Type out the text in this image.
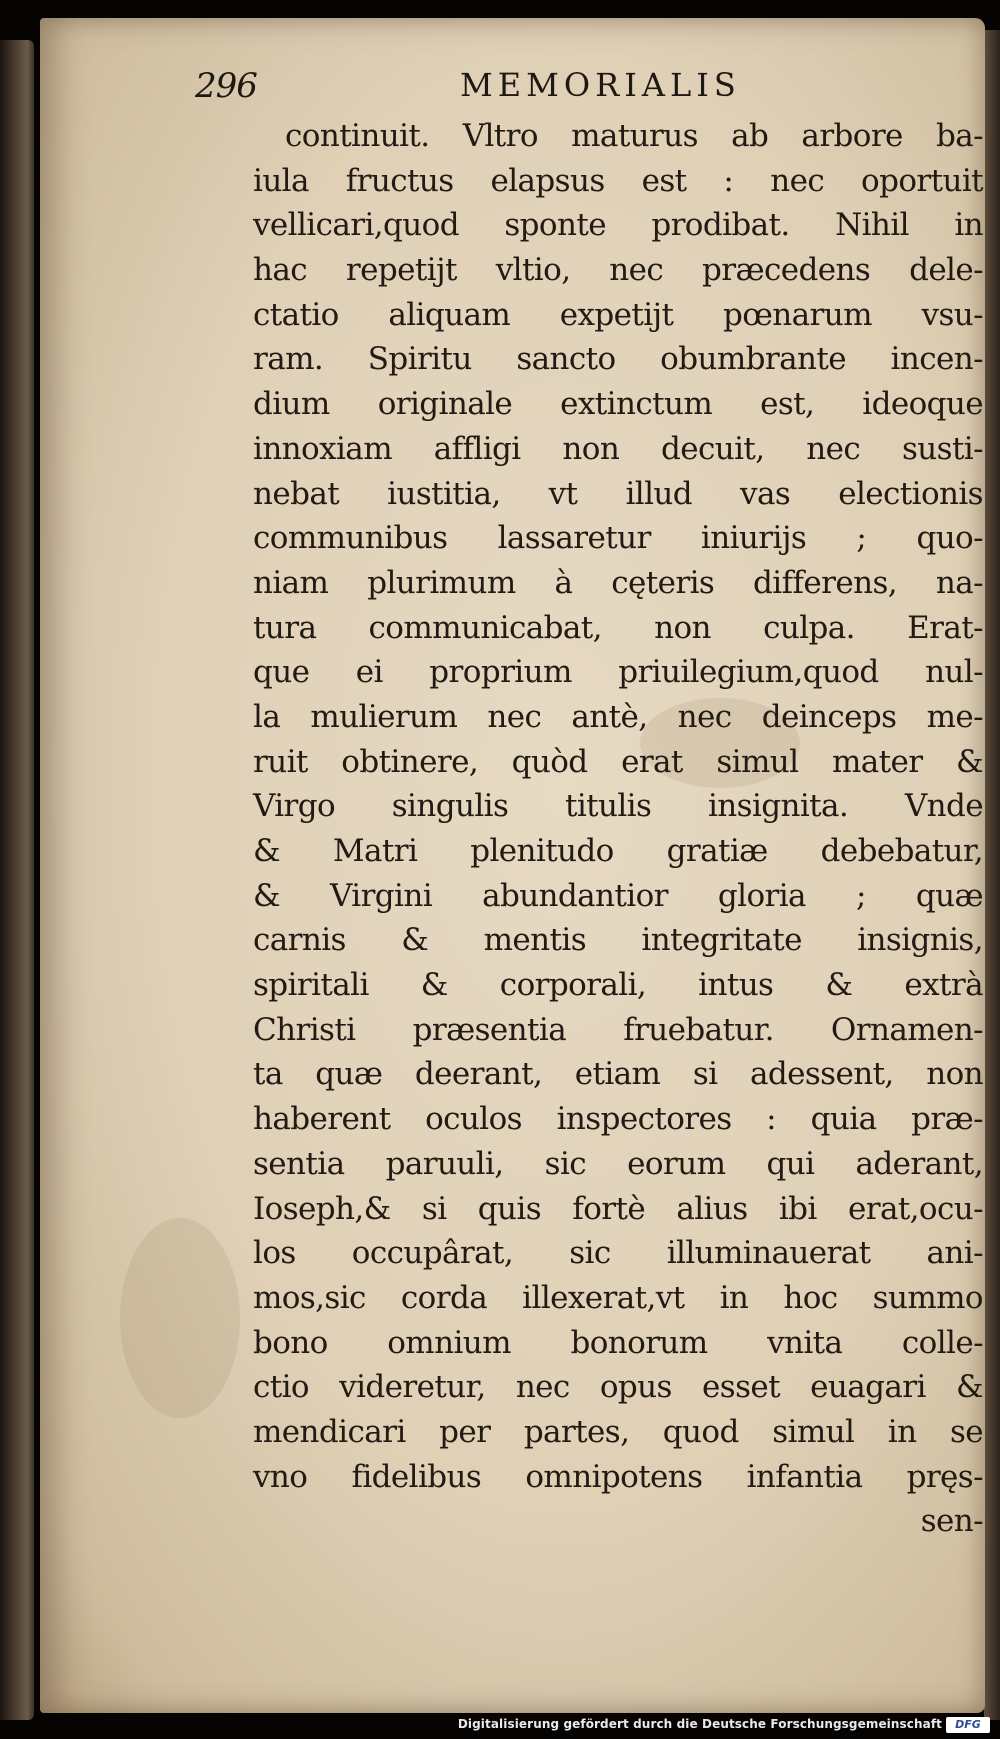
296	MEMORIALIS
continuit. Vltro maturus ab arbore ba-
iula fructus elapsus est : nec oportuit
vellicari,quod sponte prodibat. Nihil in
hac repetijt vltio, nec præcedens dele-
ctatio aliquam expetijt pœnarum vsu-
ram. Spiritu sancto obumbrante incen-
dium originale extinctum est, ideoque
innoxiam affligi non decuit, nec susti-
nebat iustitia, vt illud vas electionis
communibus lassaretur iniurijs ; quo-
niam plurimum à cęteris differens, na-
tura communicabat, non culpa. Erat-
que ei proprium priuilegium,quod nul-
la mulierum nec antè, nec deinceps me-
ruit obtinere, quòd erat simul mater &
Virgo singulis titulis insignita. Vnde
& Matri plenitudo gratiæ debebatur,
& Virgini abundantior gloria ; quæ
carnis & mentis integritate insignis,
spiritali & corporali, intus & extrà
Christi præsentia fruebatur. Ornamen-
ta quæ deerant, etiam si adessent, non
haberent oculos inspectores : quia præ-
sentia paruuli, sic eorum qui aderant,
Ioseph,& si quis fortè alius ibi erat,ocu-
los occupârat, sic illuminauerat ani-
mos,sic corda illexerat,vt in hoc summo
bono omnium bonorum vnita colle-
ctio videretur, nec opus esset euagari &
mendicari per partes, quod simul in se
vno fidelibus omnipotens infantia pręs-
sen-
Digitalisierung gefördert durch die Deutsche Forschungsgemeinschaft	DFG
